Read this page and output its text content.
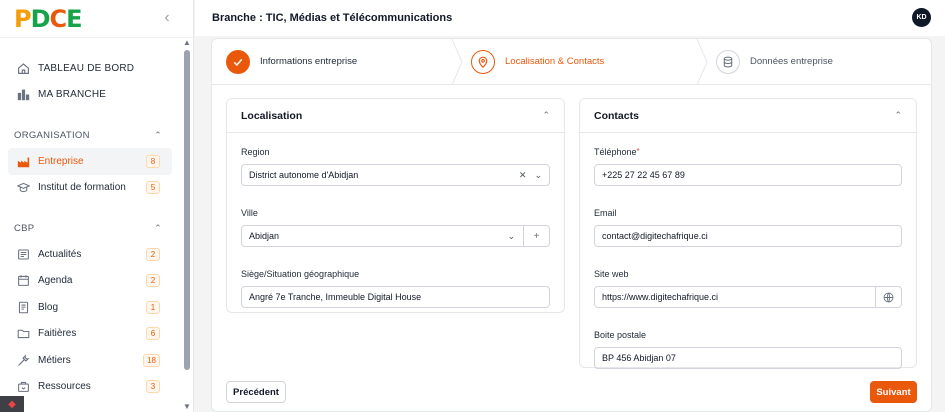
P D C E	‹
TABLEAU DE BORD
MA BRANCHE
ORGANISATION	⌃
Entreprise	8
Institut de formation	5
CBP	⌃
Actualités	2
Agenda	2
Blog	1
Faitières	6
Métiers	18
Ressources	3
▲
▼
◆
Branche : TIC, Médias et Télécommunications	KD
Informations entreprise	Localisation & Contacts	Données entreprise
Localisation	⌃
Region
District autonome d'Abidjan	✕ ⌄
Ville
Abidjan	⌄	+
Siège/Situation géographique
Angré 7e Tranche, Immeuble Digital House
Contacts	⌃
Téléphone*
+225 27 22 45 67 89
Email
contact@digitechafrique.ci
Site web
https://www.digitechafrique.ci
Boite postale
BP 456 Abidjan 07
Précédent	Suivant
